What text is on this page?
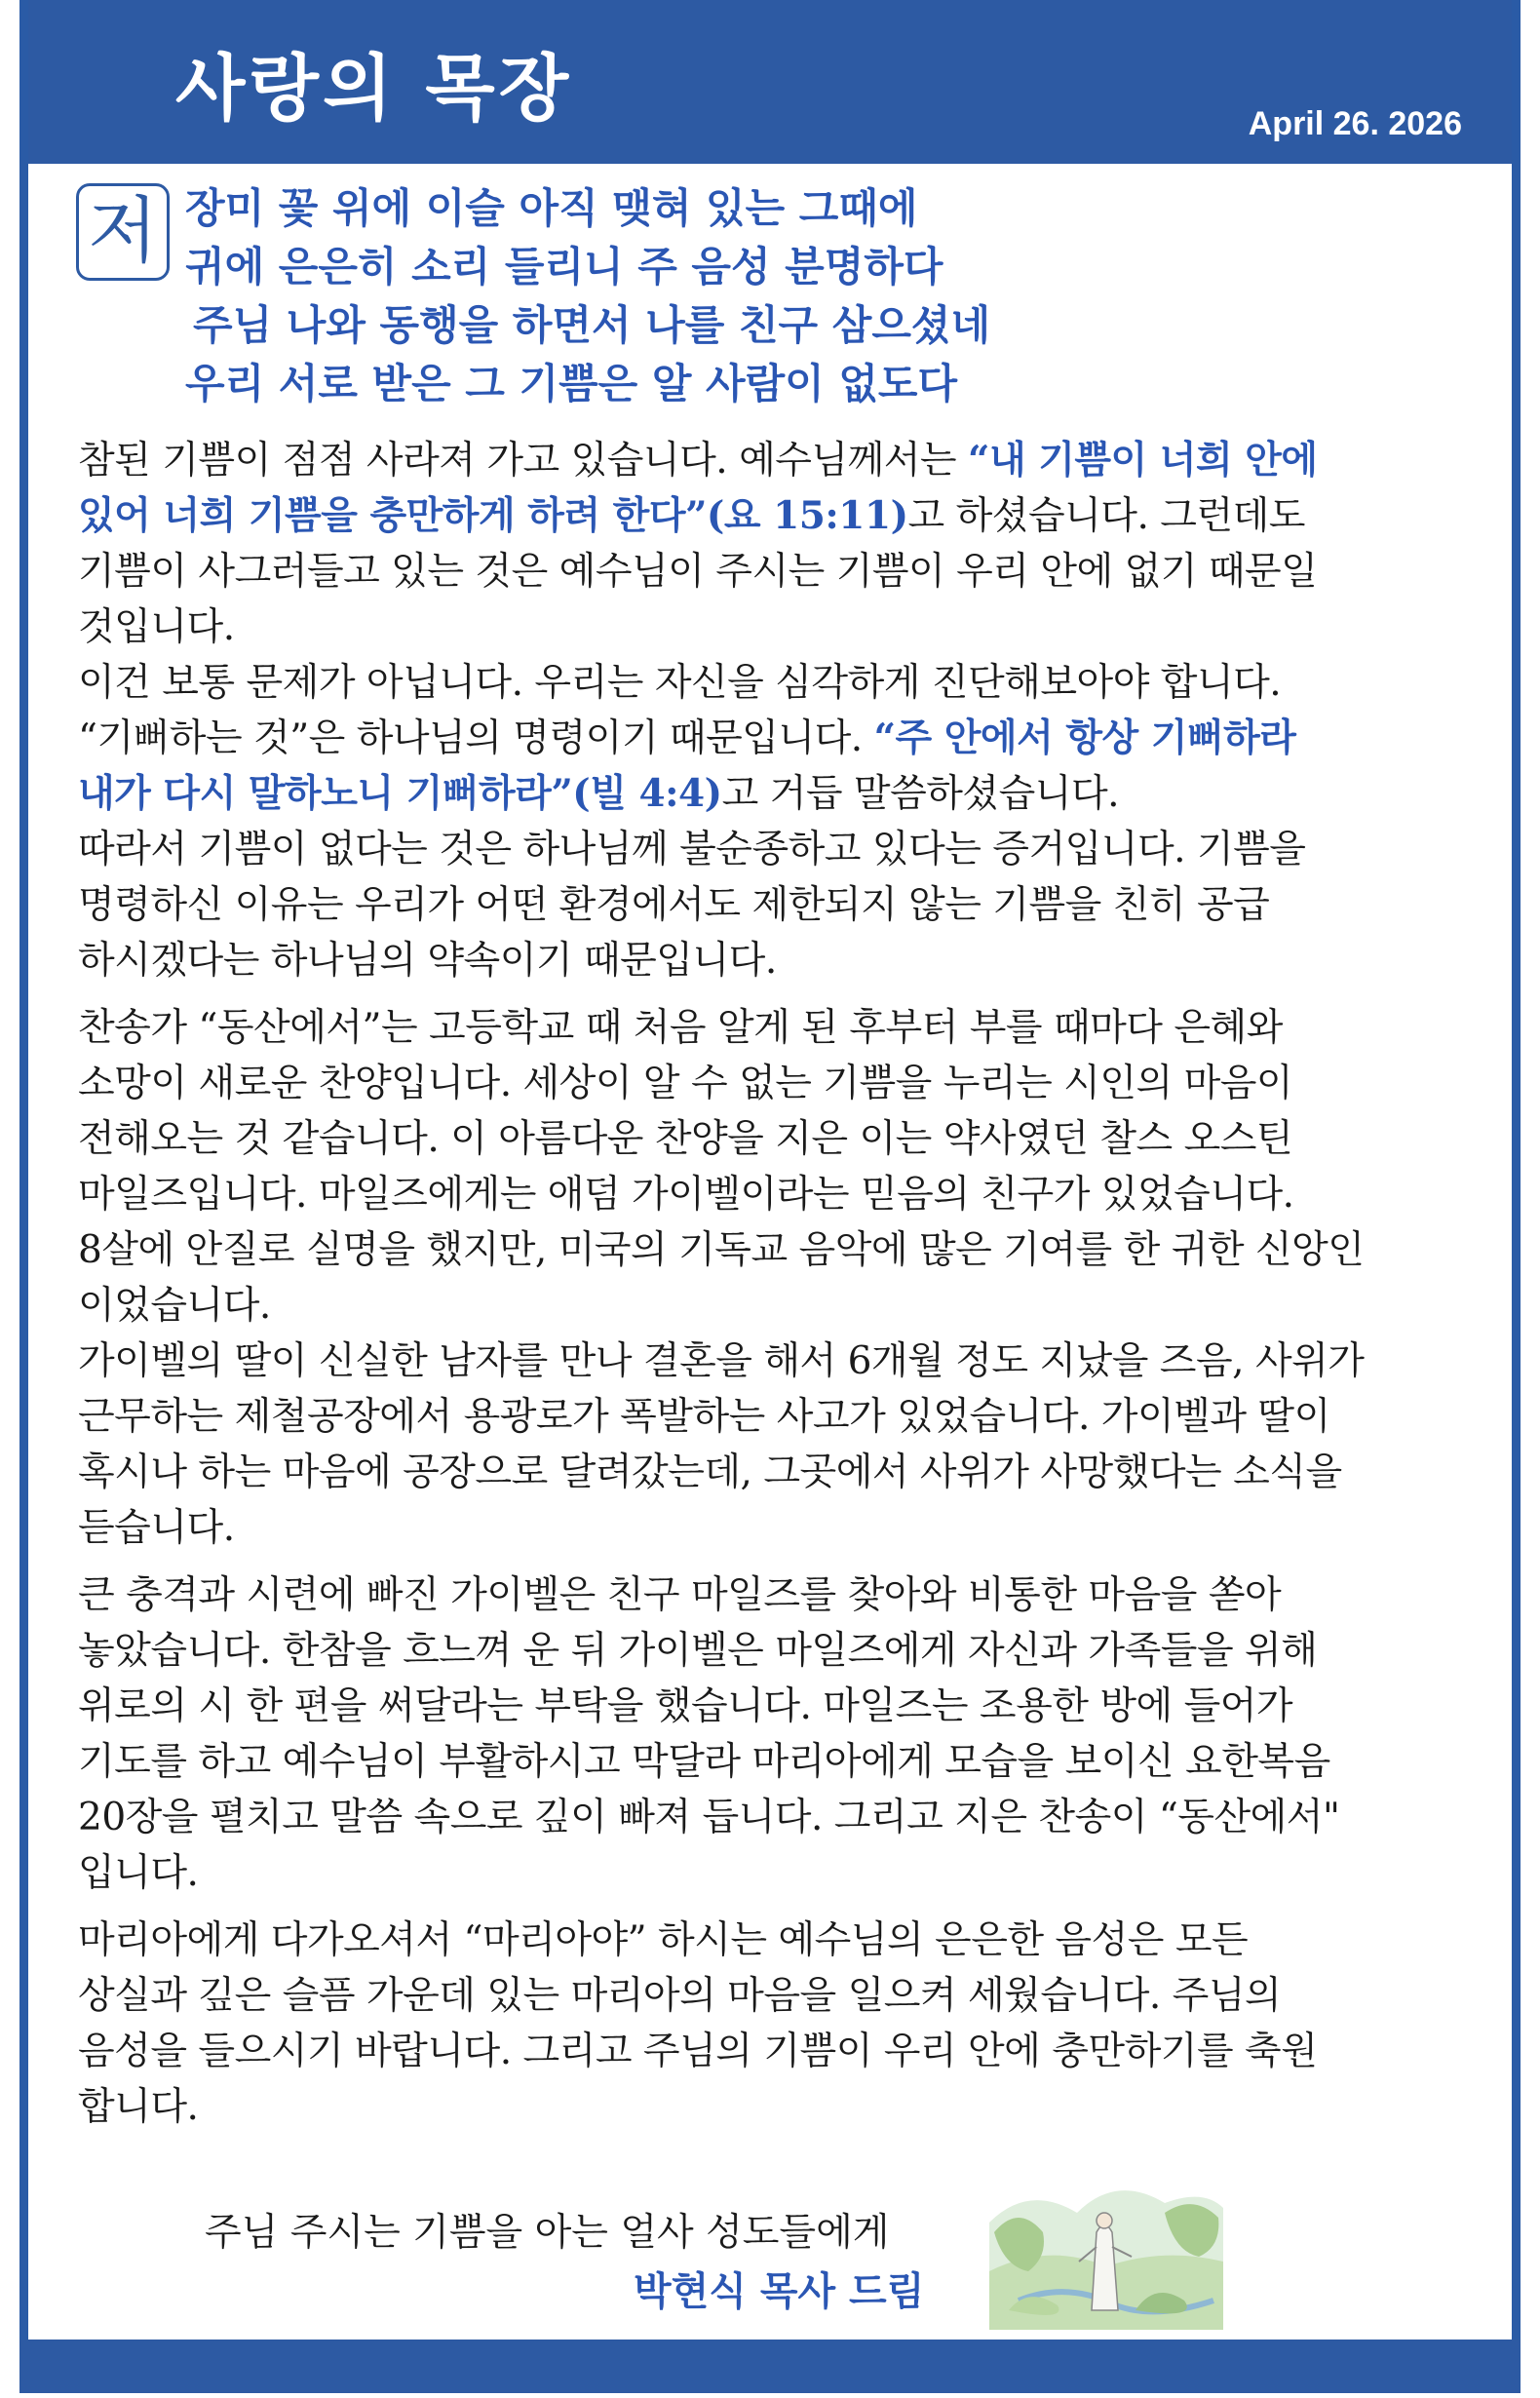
사랑의 목장	April 26. 2026
저 장미 꽃 위에 이슬 아직 맺혀 있는 그때에
귀에 은은히 소리 들리니 주 음성 분명하다
주님 나와 동행을 하면서 나를 친구 삼으셨네
우리 서로 받은 그 기쁨은 알 사람이 없도다
참된 기쁨이 점점 사라져 가고 있습니다. 예수님께서는 “내 기쁨이 너희 안에
있어 너희 기쁨을 충만하게 하려 한다”(요 15:11)고 하셨습니다. 그런데도
기쁨이 사그러들고 있는 것은 예수님이 주시는 기쁨이 우리 안에 없기 때문일
것입니다.
이건 보통 문제가 아닙니다. 우리는 자신을 심각하게 진단해보아야 합니다.
“기뻐하는 것”은 하나님의 명령이기 때문입니다. “주 안에서 항상 기뻐하라
내가 다시 말하노니 기뻐하라”(빌 4:4)고 거듭 말씀하셨습니다.
따라서 기쁨이 없다는 것은 하나님께 불순종하고 있다는 증거입니다. 기쁨을
명령하신 이유는 우리가 어떤 환경에서도 제한되지 않는 기쁨을 친히 공급
하시겠다는 하나님의 약속이기 때문입니다.
찬송가 “동산에서”는 고등학교 때 처음 알게 된 후부터 부를 때마다 은혜와
소망이 새로운 찬양입니다. 세상이 알 수 없는 기쁨을 누리는 시인의 마음이
전해오는 것 같습니다. 이 아름다운 찬양을 지은 이는 약사였던 찰스 오스틴
마일즈입니다. 마일즈에게는 애덤 가이벨이라는 믿음의 친구가 있었습니다.
8살에 안질로 실명을 했지만, 미국의 기독교 음악에 많은 기여를 한 귀한 신앙인
이었습니다.
가이벨의 딸이 신실한 남자를 만나 결혼을 해서 6개월 정도 지났을 즈음, 사위가
근무하는 제철공장에서 용광로가 폭발하는 사고가 있었습니다. 가이벨과 딸이
혹시나 하는 마음에 공장으로 달려갔는데, 그곳에서 사위가 사망했다는 소식을
듣습니다.
큰 충격과 시련에 빠진 가이벨은 친구 마일즈를 찾아와 비통한 마음을 쏟아
놓았습니다. 한참을 흐느껴 운 뒤 가이벨은 마일즈에게 자신과 가족들을 위해
위로의 시 한 편을 써달라는 부탁을 했습니다. 마일즈는 조용한 방에 들어가
기도를 하고 예수님이 부활하시고 막달라 마리아에게 모습을 보이신 요한복음
20장을 펼치고 말씀 속으로 깊이 빠져 듭니다. 그리고 지은 찬송이 “동산에서"
입니다.
마리아에게 다가오셔서 “마리아야” 하시는 예수님의 은은한 음성은 모든
상실과 깊은 슬픔 가운데 있는 마리아의 마음을 일으켜 세웠습니다. 주님의
음성을 들으시기 바랍니다. 그리고 주님의 기쁨이 우리 안에 충만하기를 축원
합니다.
주님 주시는 기쁨을 아는 얼사 성도들에게
박현식 목사 드림
